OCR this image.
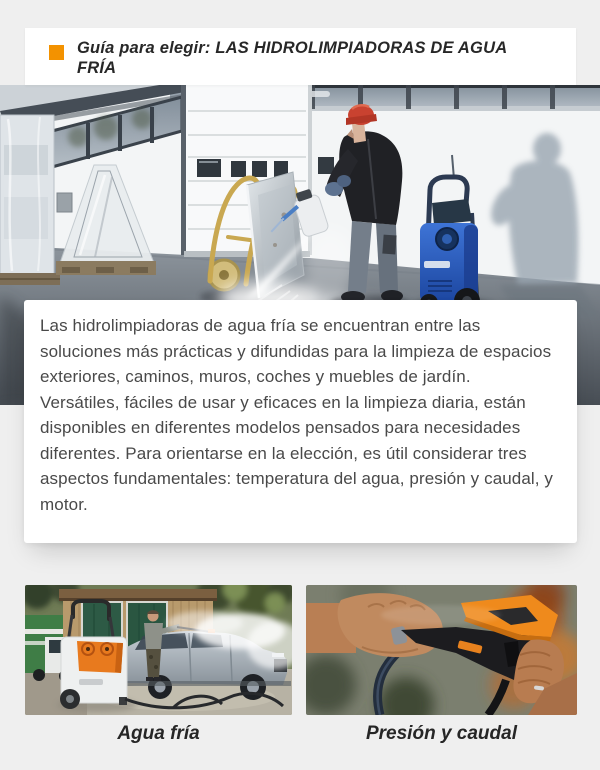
Guía para elegir: LAS HIDROLIMPIADORAS DE AGUA FRÍA

Las hidrolimpiadoras de agua fría se encuentran entre las soluciones más prácticas y difundidas para la limpieza de espacios exteriores, caminos, muros, coches y muebles de jardín.

Versátiles, fáciles de usar y eficaces en la limpieza diaria, están disponibles en diferentes modelos pensados para necesidades diferentes. Para orientarse en la elección, es útil considerar tres aspectos fundamentales: temperatura del agua, presión y caudal, y motor.

Agua fría	Presión y caudal
